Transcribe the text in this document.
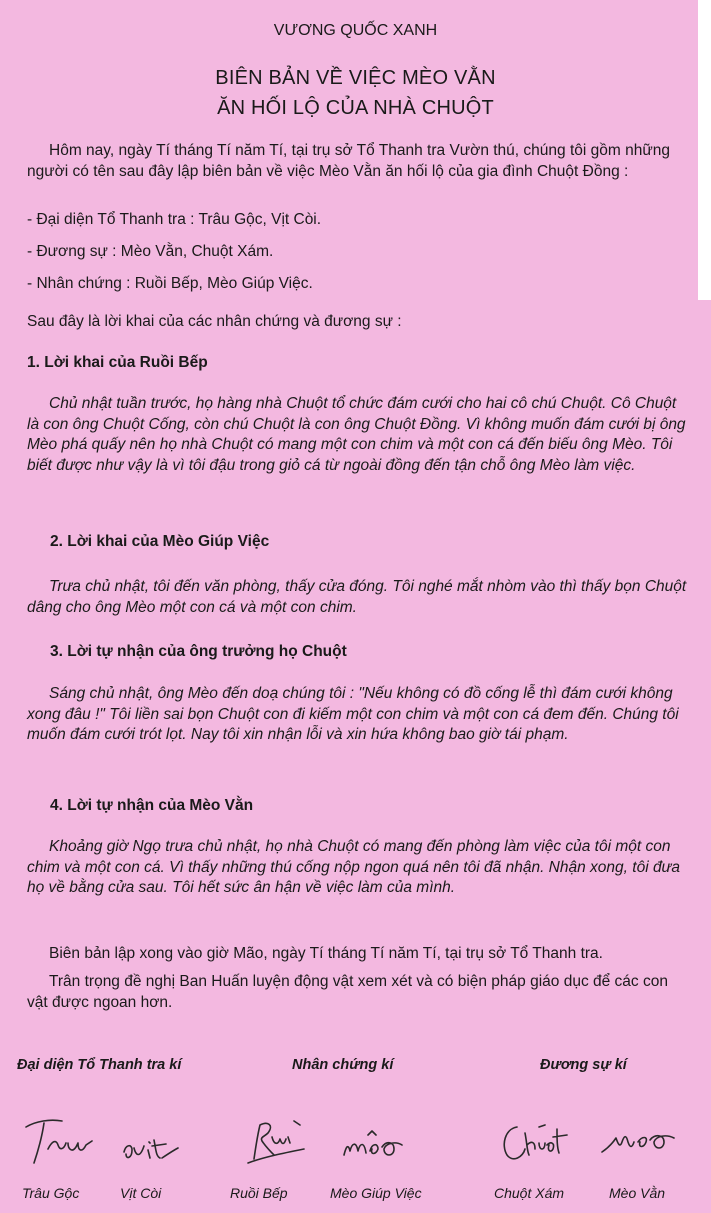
VƯƠNG QUỐC XANH
BIÊN BẢN VỀ VIỆC MÈO VẰN
ĂN HỐI LỘ CỦA NHÀ CHUỘT
Hôm nay, ngày Tí tháng Tí năm Tí, tại trụ sở Tổ Thanh tra Vườn thú, chúng tôi gồm những người có tên sau đây lập biên bản về việc Mèo Vằn ăn hối lộ của gia đình Chuột Đồng :
- Đại diện Tổ Thanh tra : Trâu Gộc, Vịt Còi.
- Đương sự : Mèo Vằn, Chuột Xám.
- Nhân chứng : Ruồi Bếp, Mèo Giúp Việc.
Sau đây là lời khai của các nhân chứng và đương sự :
1. Lời khai của Ruồi Bếp
Chủ nhật tuần trước, họ hàng nhà Chuột tổ chức đám cưới cho hai cô chú Chuột. Cô Chuột là con ông Chuột Cống, còn chú Chuột là con ông Chuột Đồng. Vì không muốn đám cưới bị ông Mèo phá quấy nên họ nhà Chuột có mang một con chim và một con cá đến biếu ông Mèo. Tôi biết được như vậy là vì tôi đậu trong giỏ cá từ ngoài đồng đến tận chỗ ông Mèo làm việc.
2. Lời khai của Mèo Giúp Việc
Trưa chủ nhật, tôi đến văn phòng, thấy cửa đóng. Tôi nghé mắt nhòm vào thì thấy bọn Chuột dâng cho ông Mèo một con cá và một con chim.
3. Lời tự nhận của ông trưởng họ Chuột
Sáng chủ nhật, ông Mèo đến doạ chúng tôi : "Nếu không có đồ cống lễ thì đám cưới không xong đâu !" Tôi liền sai bọn Chuột con đi kiếm một con chim và một con cá đem đến. Chúng tôi muốn đám cưới trót lọt. Nay tôi xin nhận lỗi và xin hứa không bao giờ tái phạm.
4. Lời tự nhận của Mèo Vằn
Khoảng giờ Ngọ trưa chủ nhật, họ nhà Chuột có mang đến phòng làm việc của tôi một con chim và một con cá. Vì thấy những thú cống nộp ngon quá nên tôi đã nhận. Nhận xong, tôi đưa họ về bằng cửa sau. Tôi hết sức ân hận về việc làm của mình.
Biên bản lập xong vào giờ Mão, ngày Tí tháng Tí năm Tí, tại trụ sở Tổ Thanh tra.
Trân trọng đề nghị Ban Huấn luyện động vật xem xét và có biện pháp giáo dục để các con vật được ngoan hơn.
Đại diện Tổ Thanh tra kí	Nhân chứng kí	Đương sự kí
Trâu Gộc	Vịt Còi	Ruồi Bếp	Mèo Giúp Việc	Chuột Xám	Mèo Vằn
